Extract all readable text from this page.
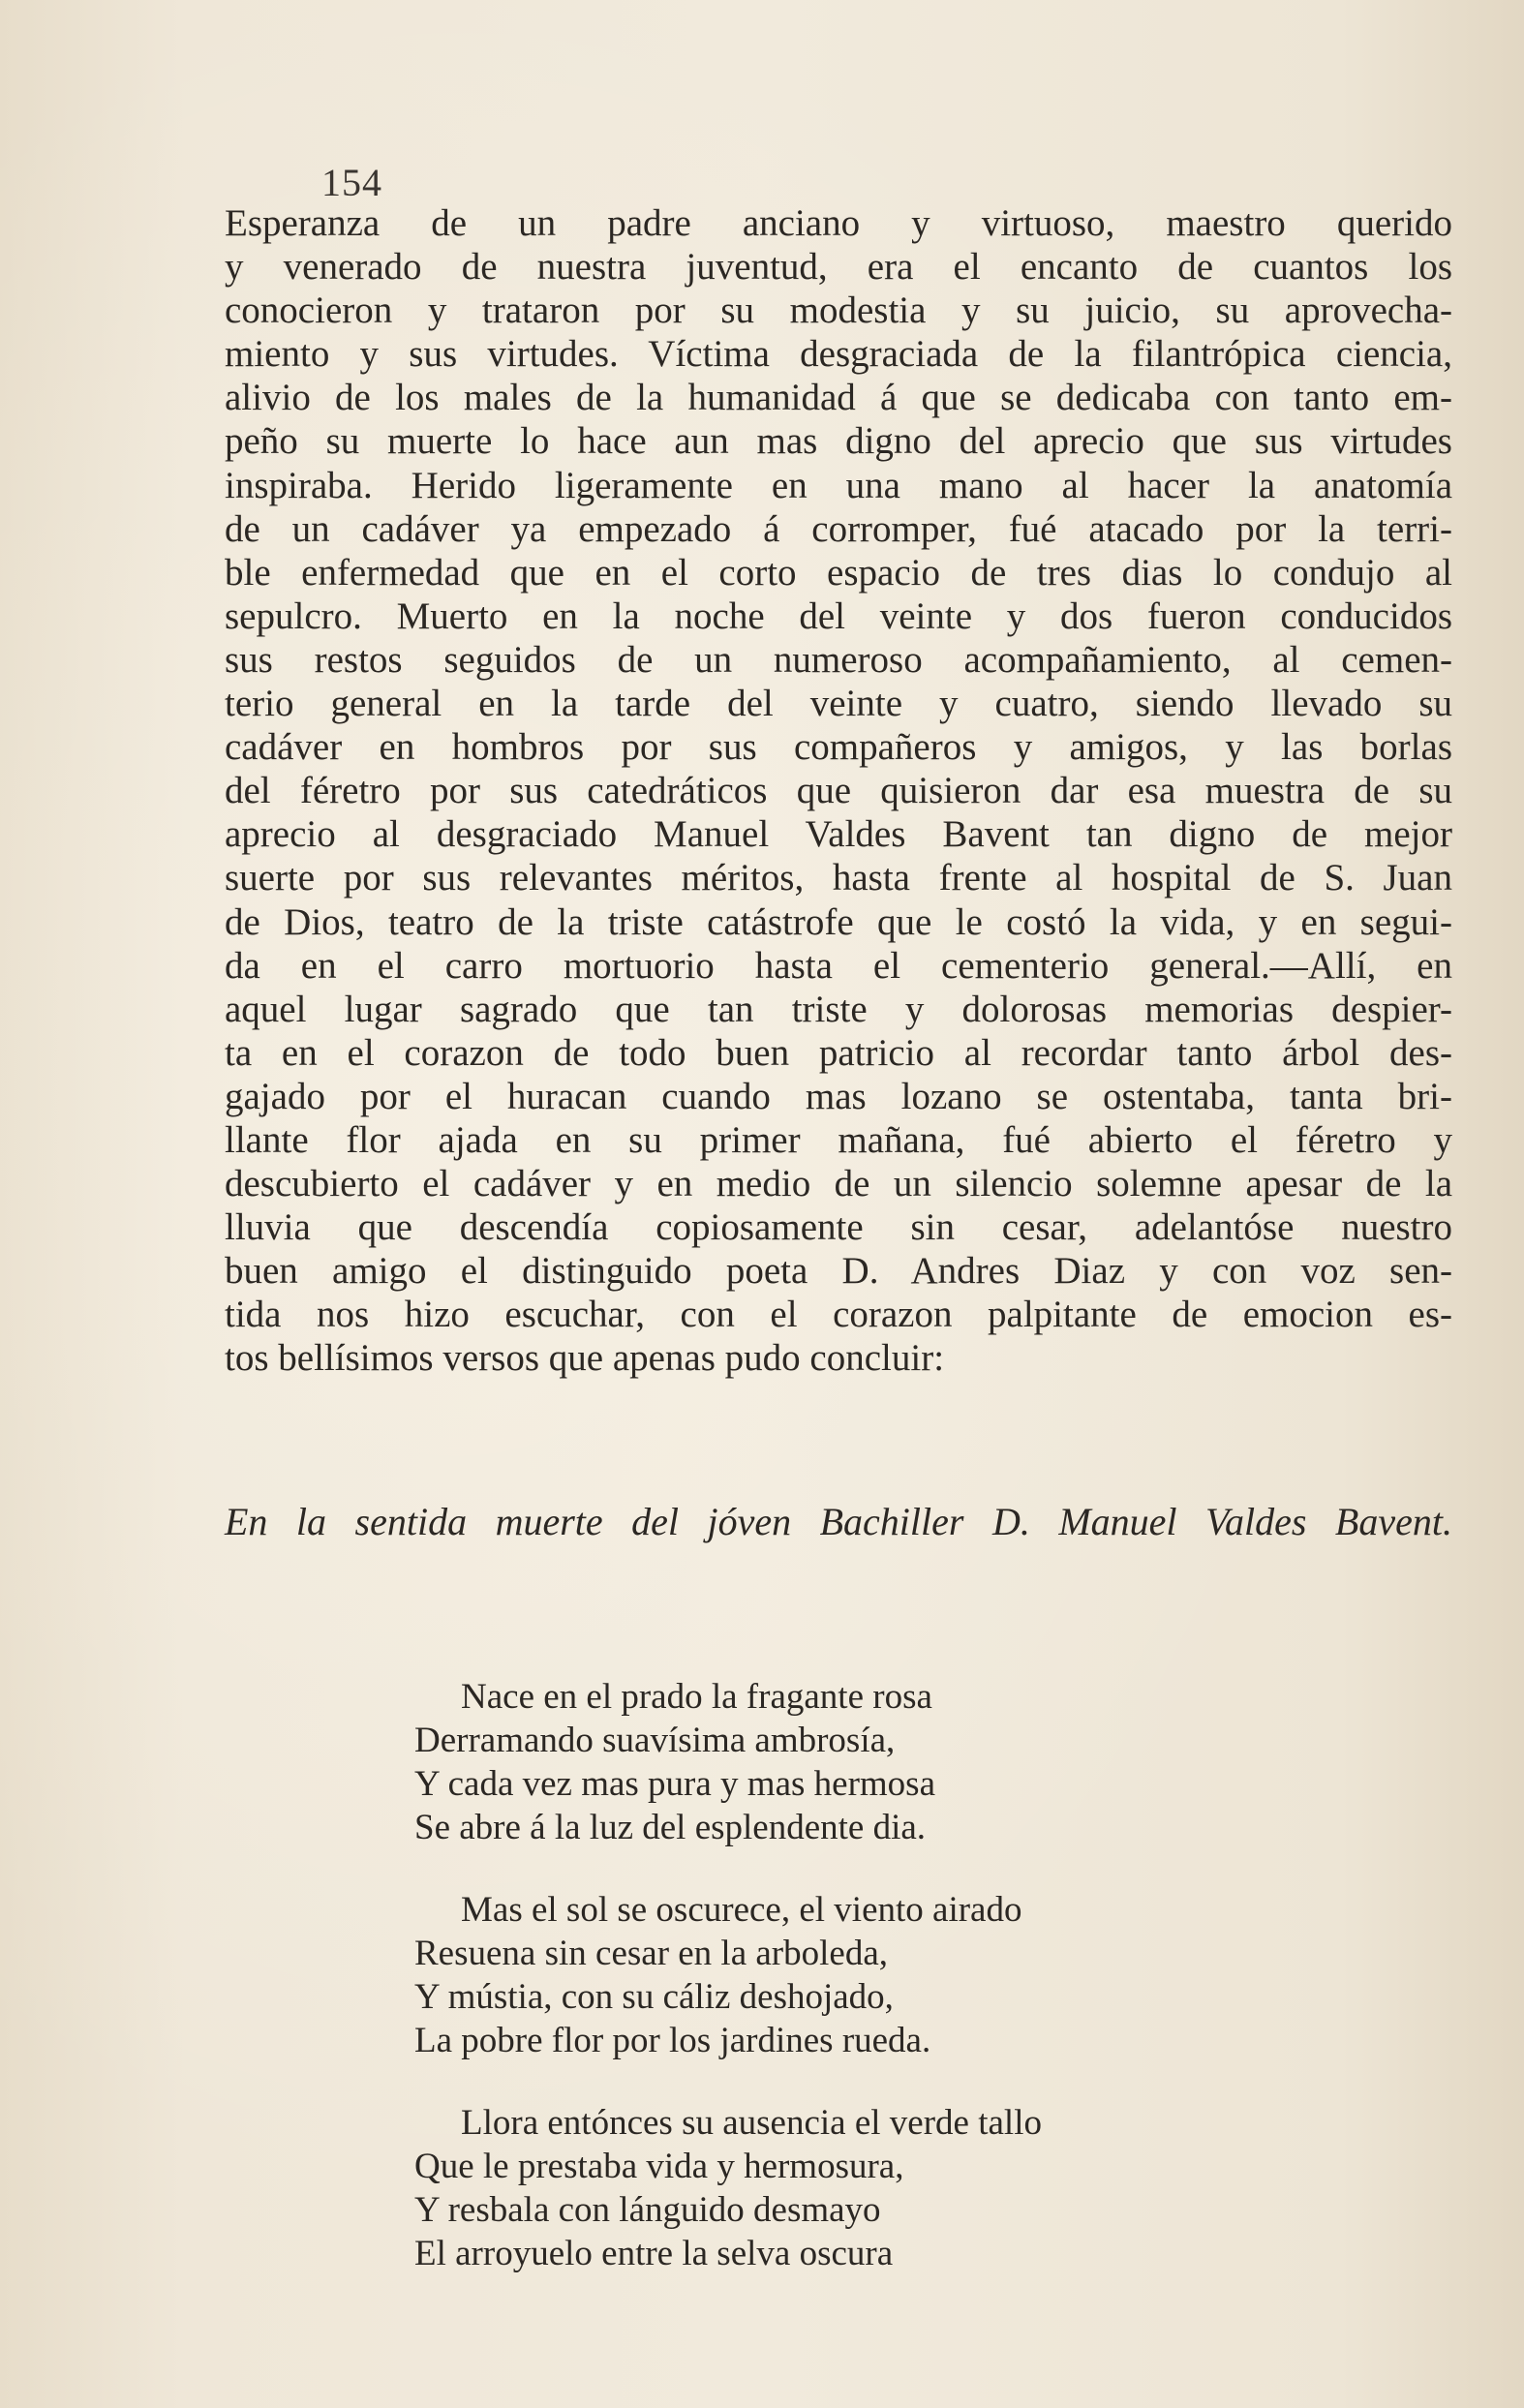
154
Esperanza de un padre anciano y virtuoso, maestro querido
y venerado de nuestra juventud, era el encanto de cuantos los
conocieron y trataron por su modestia y su juicio, su aprovecha-
miento y sus virtudes. Víctima desgraciada de la filantrópica ciencia,
alivio de los males de la humanidad á que se dedicaba con tanto em-
peño su muerte lo hace aun mas digno del aprecio que sus virtudes
inspiraba. Herido ligeramente en una mano al hacer la anatomía
de un cadáver ya empezado á corromper, fué atacado por la terri-
ble enfermedad que en el corto espacio de tres dias lo condujo al
sepulcro. Muerto en la noche del veinte y dos fueron conducidos
sus restos seguidos de un numeroso acompañamiento, al cemen-
terio general en la tarde del veinte y cuatro, siendo llevado su
cadáver en hombros por sus compañeros y amigos, y las borlas
del féretro por sus catedráticos que quisieron dar esa muestra de su
aprecio al desgraciado Manuel Valdes Bavent tan digno de mejor
suerte por sus relevantes méritos, hasta frente al hospital de S. Juan
de Dios, teatro de la triste catástrofe que le costó la vida, y en segui-
da en el carro mortuorio hasta el cementerio general.—Allí, en
aquel lugar sagrado que tan triste y dolorosas memorias despier-
ta en el corazon de todo buen patricio al recordar tanto árbol des-
gajado por el huracan cuando mas lozano se ostentaba, tanta bri-
llante flor ajada en su primer mañana, fué abierto el féretro y
descubierto el cadáver y en medio de un silencio solemne apesar de la
lluvia que descendía copiosamente sin cesar, adelantóse nuestro
buen amigo el distinguido poeta D. Andres Diaz y con voz sen-
tida nos hizo escuchar, con el corazon palpitante de emocion es-
tos bellísimos versos que apenas pudo concluir:
En la sentida muerte del jóven Bachiller D. Manuel Valdes Bavent.
Nace en el prado la fragante rosa
Derramando suavísima ambrosía,
Y cada vez mas pura y mas hermosa
Se abre á la luz del esplendente dia.
Mas el sol se oscurece, el viento airado
Resuena sin cesar en la arboleda,
Y mústia, con su cáliz deshojado,
La pobre flor por los jardines rueda.
Llora entónces su ausencia el verde tallo
Que le prestaba vida y hermosura,
Y resbala con lánguido desmayo
El arroyuelo entre la selva oscura
